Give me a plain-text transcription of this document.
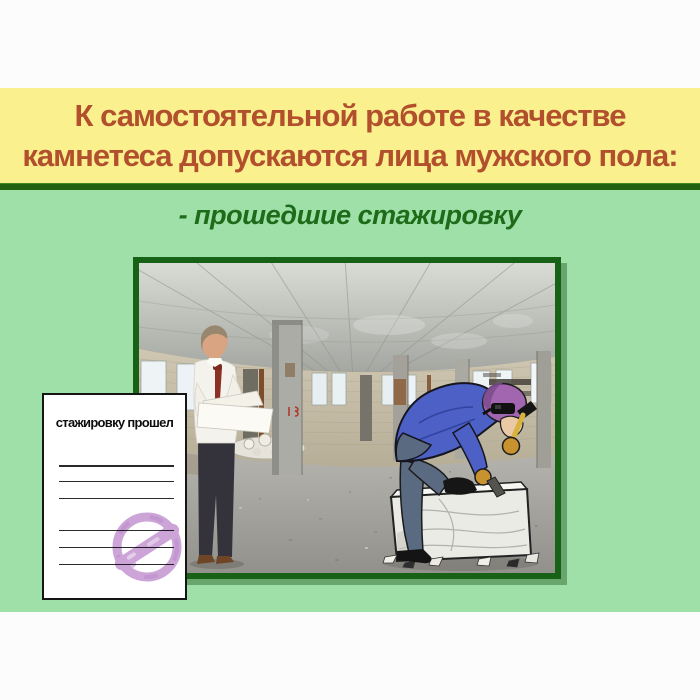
К самостоятельной работе в качестве
камнетеса допускаются лица мужского пола:
- прошедшие стажировку
стажировку прошел
